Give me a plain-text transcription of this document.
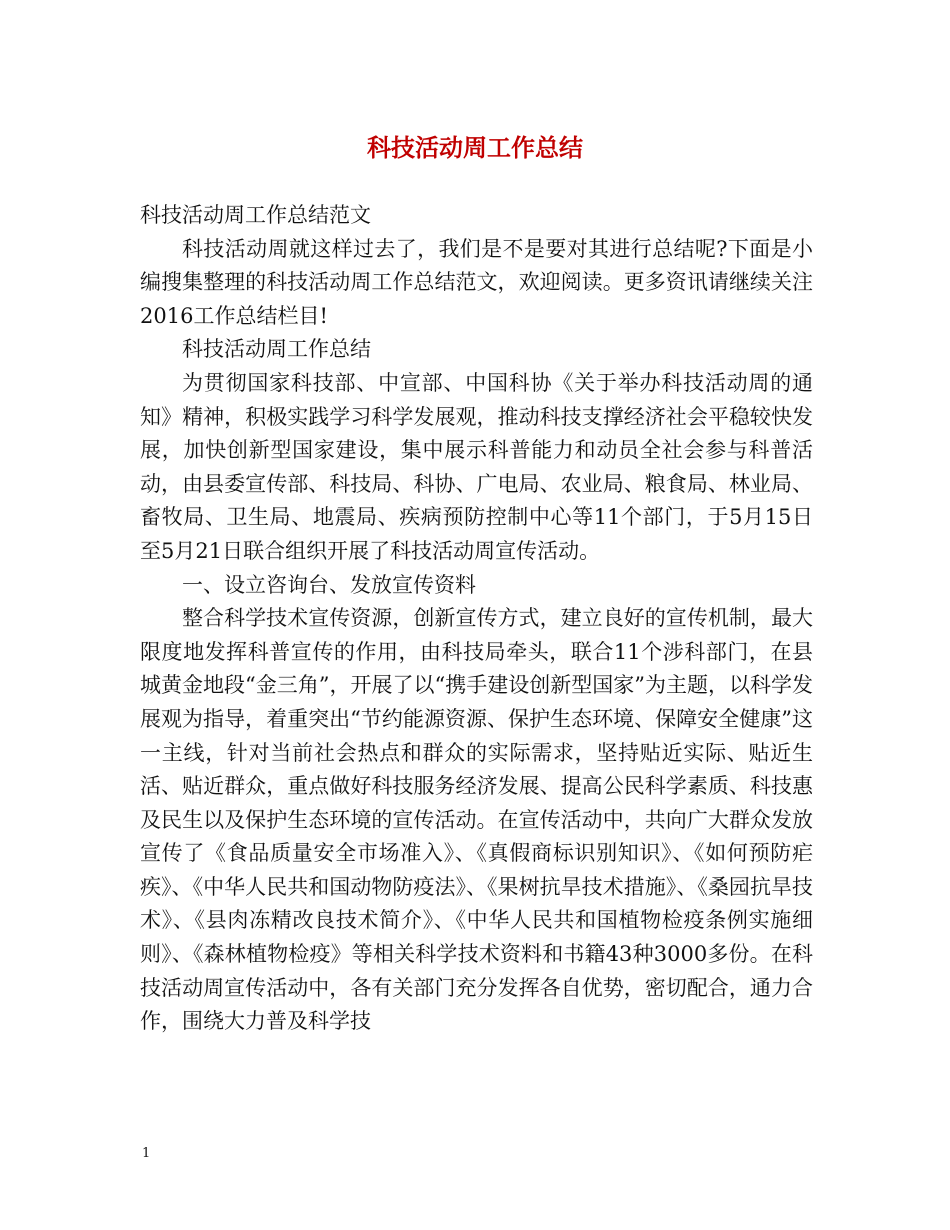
科技活动周工作总结

科技活动周工作总结范文

科技活动周就这样过去了，我们是不是要对其进行总结呢?下面是小编搜集整理的科技活动周工作总结范文，欢迎阅读。更多资讯请继续关注2016工作总结栏目!

科技活动周工作总结

为贯彻国家科技部、中宣部、中国科协《关于举办科技活动周的通知》精神，积极实践学习科学发展观，推动科技支撑经济社会平稳较快发展，加快创新型国家建设，集中展示科普能力和动员全社会参与科普活动，由县委宣传部、科技局、科协、广电局、农业局、粮食局、林业局、畜牧局、卫生局、地震局、疾病预防控制中心等11个部门，于5月15日至5月21日联合组织开展了科技活动周宣传活动。

一、设立咨询台、发放宣传资料

整合科学技术宣传资源，创新宣传方式，建立良好的宣传机制，最大限度地发挥科普宣传的作用，由科技局牵头，联合11个涉科部门，在县城黄金地段“金三角”，开展了以“携手建设创新型国家”为主题，以科学发展观为指导，着重突出“节约能源资源、保护生态环境、保障安全健康”这一主线，针对当前社会热点和群众的实际需求，坚持贴近实际、贴近生活、贴近群众，重点做好科技服务经济发展、提高公民科学素质、科技惠及民生以及保护生态环境的宣传活动。在宣传活动中，共向广大群众发放宣传了《食品质量安全市场准入》、《真假商标识别知识》、《如何预防疟疾》、《中华人民共和国动物防疫法》、《果树抗旱技术措施》、《桑园抗旱技术》、《县肉冻精改良技术简介》、《中华人民共和国植物检疫条例实施细则》、《森林植物检疫》等相关科学技术资料和书籍43种3000多份。在科技活动周宣传活动中，各有关部门充分发挥各自优势，密切配合，通力合作，围绕大力普及科学技

1
